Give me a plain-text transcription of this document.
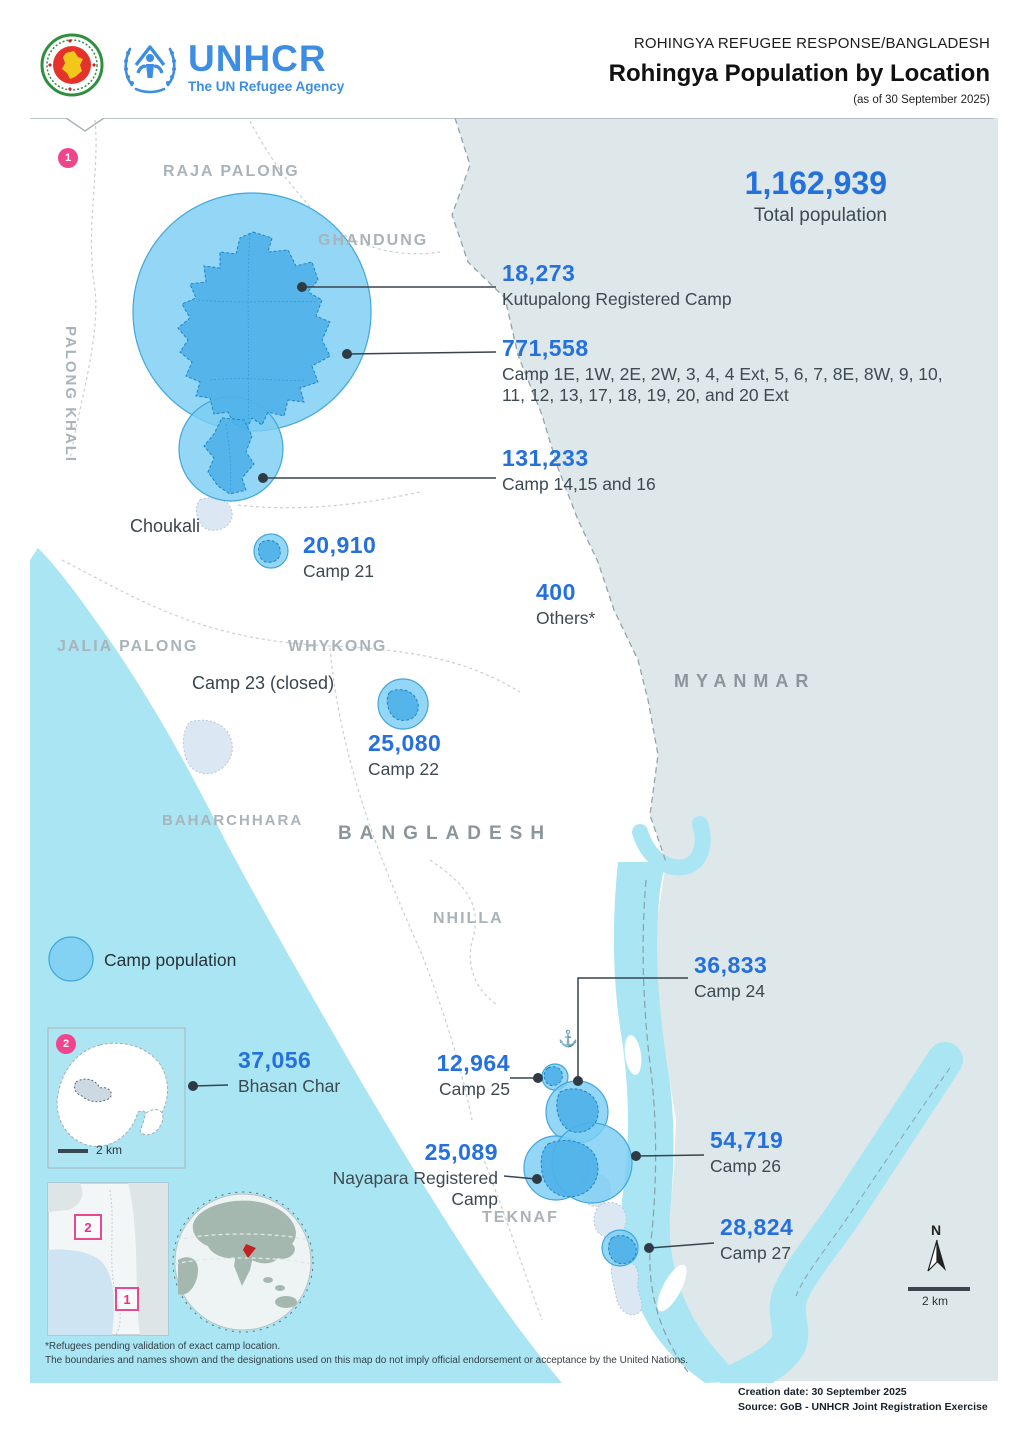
UNHCR
The UN Refugee Agency
ROHINGYA REFUGEE RESPONSE/BANGLADESH
Rohingya Population by Location
(as of 30 September 2025)
RAJA PALONG
GHANDUNG
PALONG KHALI
JALIA PALONG	WHYKONG
BAHARCHHARA
NHILLA
TEKNAF
BANGLADESH
MYANMAR
Choukali
Camp 23 (closed)
⚓
1,162,939
Total population
18,273
Kutupalong Registered Camp
771,558
Camp 1E, 1W, 2E, 2W, 3, 4, 4 Ext, 5, 6, 7, 8E, 8W, 9, 10, 11, 12, 13, 17, 18, 19, 20, and 20 Ext
131,233
Camp 14,15 and 16
400
Others*
20,910
Camp 21
25,080
Camp 22
36,833
Camp 24
12,964
Camp 25
37,056
Bhasan Char
25,089
Nayapara Registered Camp
54,719
Camp 26
28,824
Camp 27
Camp population
1
2
2
1
2 km
2 km
N
*Refugees pending validation of exact camp location.
The boundaries and names shown and the designations used on this map do not imply official endorsement or acceptance by the United Nations.
Creation date: 30 September 2025
Source: GoB - UNHCR Joint Registration Exercise
